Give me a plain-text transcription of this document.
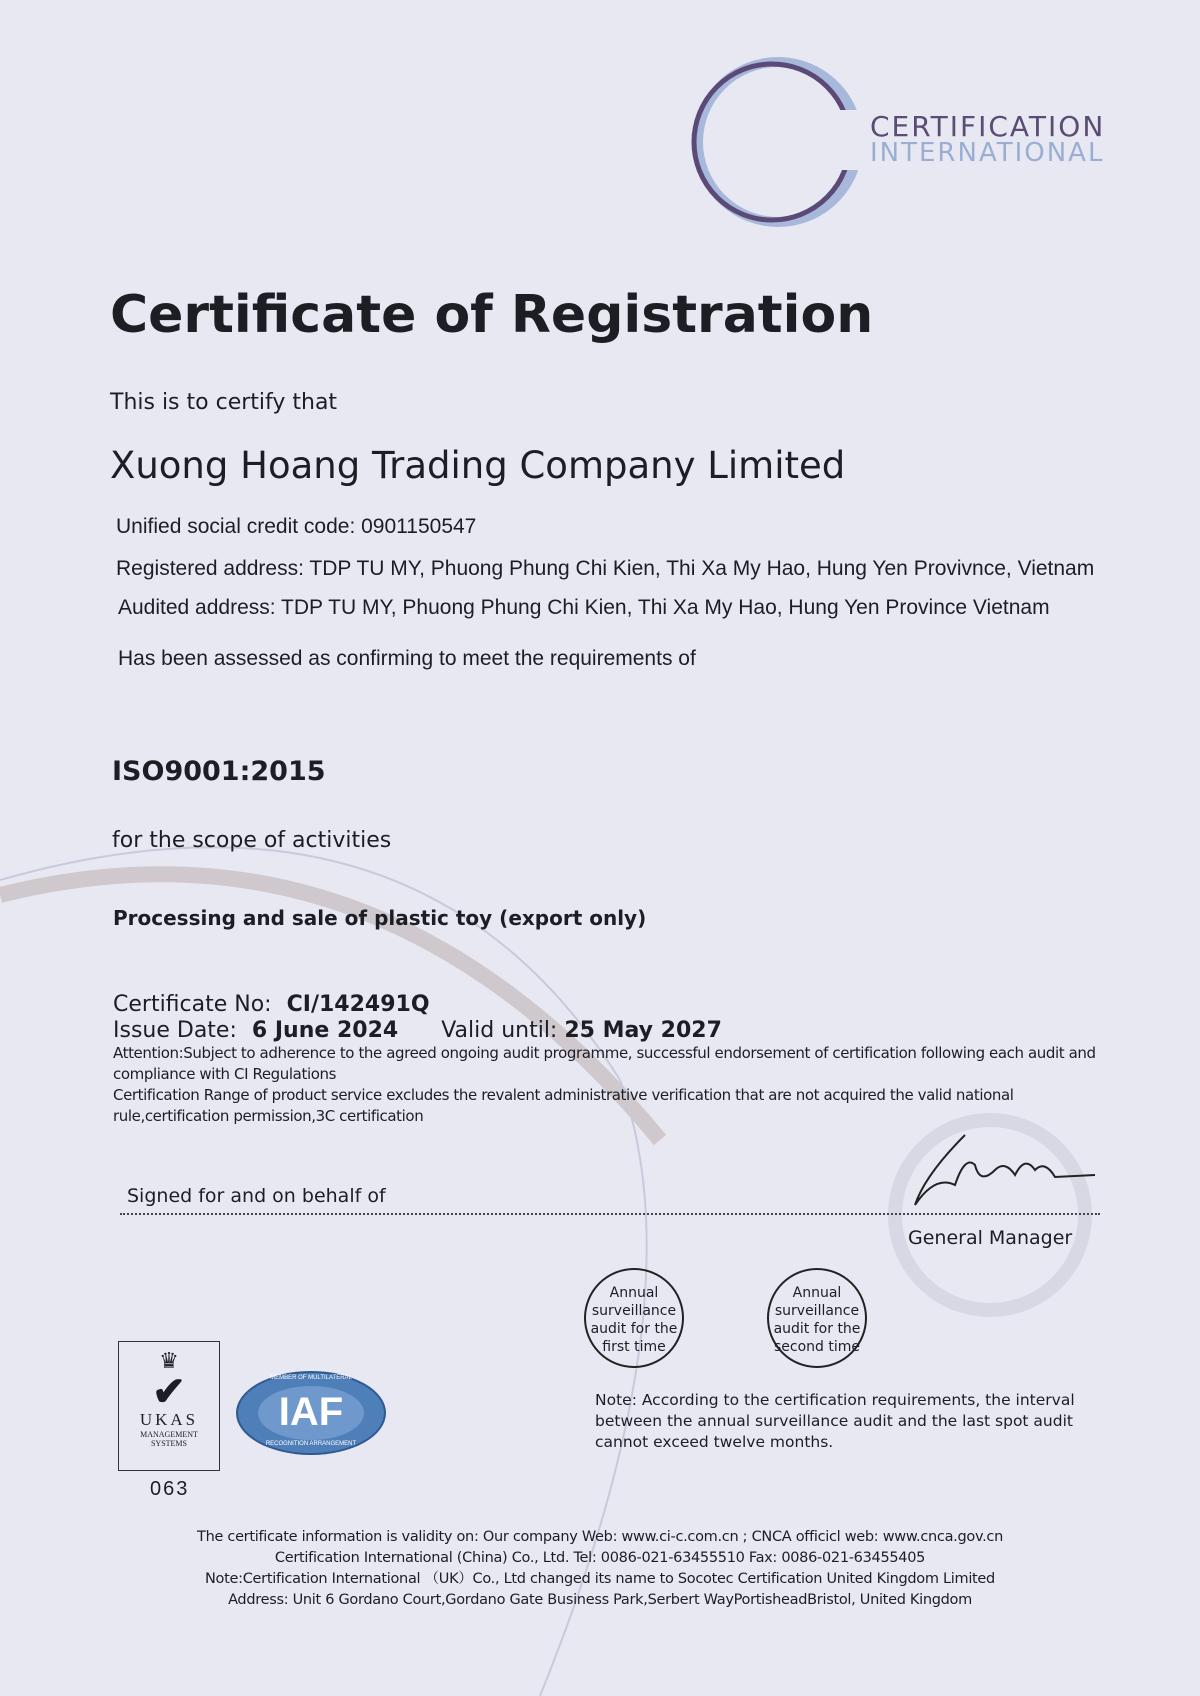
CERTIFICATION
INTERNATIONAL
Certificate of Registration
This is to certify that
Xuong Hoang Trading Company Limited
Unified social credit code: 0901150547
Registered address: TDP TU MY, Phuong Phung Chi Kien, Thi Xa My Hao, Hung Yen Provivnce, Vietnam
Audited address: TDP TU MY, Phuong Phung Chi Kien, Thi Xa My Hao, Hung Yen Province Vietnam
Has been assessed as confirming to meet the requirements of
ISO9001:2015
for the scope of activities
Processing and sale of plastic toy (export only)
Certificate No: CI/142491Q
Issue Date: 6 June 2024 Valid until: 25 May 2027
Attention:Subject to adherence to the agreed ongoing audit programme, successful endorsement of certification following each audit and compliance with CI Regulations
Certification Range of product service excludes the revalent administrative verification that are not acquired the valid national rule,certification permission,3C certification
Signed for and on behalf of
General Manager
Annual
surveillance
audit for the
first time
Annual
surveillance
audit for the
second time
♛
✔
UKAS
MANAGEMENT
SYSTEMS
063
IAF
MEMBER OF MULTILATERAL
RECOGNITION ARRANGEMENT
Note: According to the certification requirements, the interval
between the annual surveillance audit and the last spot audit
cannot exceed twelve months.
The certificate information is validity on: Our company Web: www.ci-c.com.cn ; CNCA officicl web: www.cnca.gov.cn
Certification International (China) Co., Ltd. Tel: 0086-021-63455510 Fax: 0086-021-63455405
Note:Certification International （UK）Co., Ltd changed its name to Socotec Certification United Kingdom Limited
Address: Unit 6 Gordano Court,Gordano Gate Business Park,Serbert WayPortisheadBristol, United Kingdom
